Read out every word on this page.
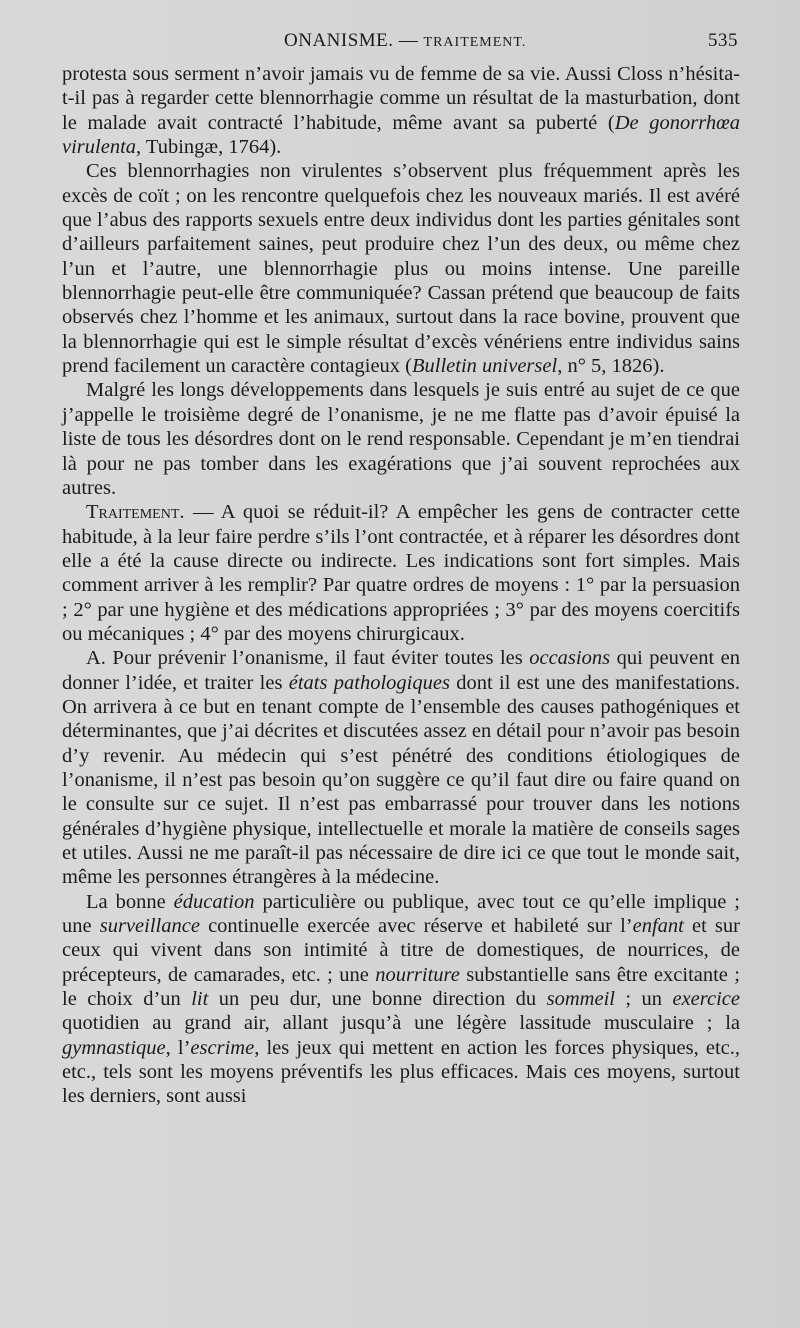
ONANISME. — TRAITEMENT.	535

protesta sous serment n’avoir jamais vu de femme de sa vie. Aussi Closs n’hésita-t-il pas à regarder cette blennorrhagie comme un résultat de la masturbation, dont le malade avait contracté l’habitude, même avant sa puberté (De gonorrhœa virulenta, Tubingæ, 1764).

Ces blennorrhagies non virulentes s’observent plus fréquemment après les excès de coït ; on les rencontre quelquefois chez les nouveaux mariés. Il est avéré que l’abus des rapports sexuels entre deux individus dont les parties génitales sont d’ailleurs parfaitement saines, peut produire chez l’un des deux, ou même chez l’un et l’autre, une blennorrhagie plus ou moins intense. Une pareille blennorrhagie peut-elle être communiquée? Cassan prétend que beaucoup de faits observés chez l’homme et les animaux, surtout dans la race bovine, prouvent que la blennorrhagie qui est le simple résultat d’excès vénériens entre individus sains prend facilement un caractère contagieux (Bulletin universel, n° 5, 1826).

Malgré les longs développements dans lesquels je suis entré au sujet de ce que j’appelle le troisième degré de l’onanisme, je ne me flatte pas d’avoir épuisé la liste de tous les désordres dont on le rend responsable. Cependant je m’en tiendrai là pour ne pas tomber dans les exagérations que j’ai souvent reprochées aux autres.

Traitement. — A quoi se réduit-il? A empêcher les gens de contracter cette habitude, à la leur faire perdre s’ils l’ont contractée, et à réparer les désordres dont elle a été la cause directe ou indirecte. Les indications sont fort simples. Mais comment arriver à les remplir? Par quatre ordres de moyens : 1° par la persuasion ; 2° par une hygiène et des médications appropriées ; 3° par des moyens coercitifs ou mécaniques ; 4° par des moyens chirurgicaux.

A. Pour prévenir l’onanisme, il faut éviter toutes les occasions qui peuvent en donner l’idée, et traiter les états pathologiques dont il est une des manifestations. On arrivera à ce but en tenant compte de l’ensemble des causes pathogéniques et déterminantes, que j’ai décrites et discutées assez en détail pour n’avoir pas besoin d’y revenir. Au médecin qui s’est pénétré des conditions étiologiques de l’onanisme, il n’est pas besoin qu’on suggère ce qu’il faut dire ou faire quand on le consulte sur ce sujet. Il n’est pas embarrassé pour trouver dans les notions générales d’hygiène physique, intellectuelle et morale la matière de conseils sages et utiles. Aussi ne me paraît-il pas nécessaire de dire ici ce que tout le monde sait, même les personnes étrangères à la médecine.

La bonne éducation particulière ou publique, avec tout ce qu’elle implique ; une surveillance continuelle exercée avec réserve et habileté sur l’enfant et sur ceux qui vivent dans son intimité à titre de domestiques, de nourrices, de précepteurs, de camarades, etc. ; une nourriture substantielle sans être excitante ; le choix d’un lit un peu dur, une bonne direction du sommeil ; un exercice quotidien au grand air, allant jusqu’à une légère lassitude musculaire ; la gymnastique, l’escrime, les jeux qui mettent en action les forces physiques, etc., etc., tels sont les moyens préventifs les plus efficaces. Mais ces moyens, surtout les derniers, sont aussi
